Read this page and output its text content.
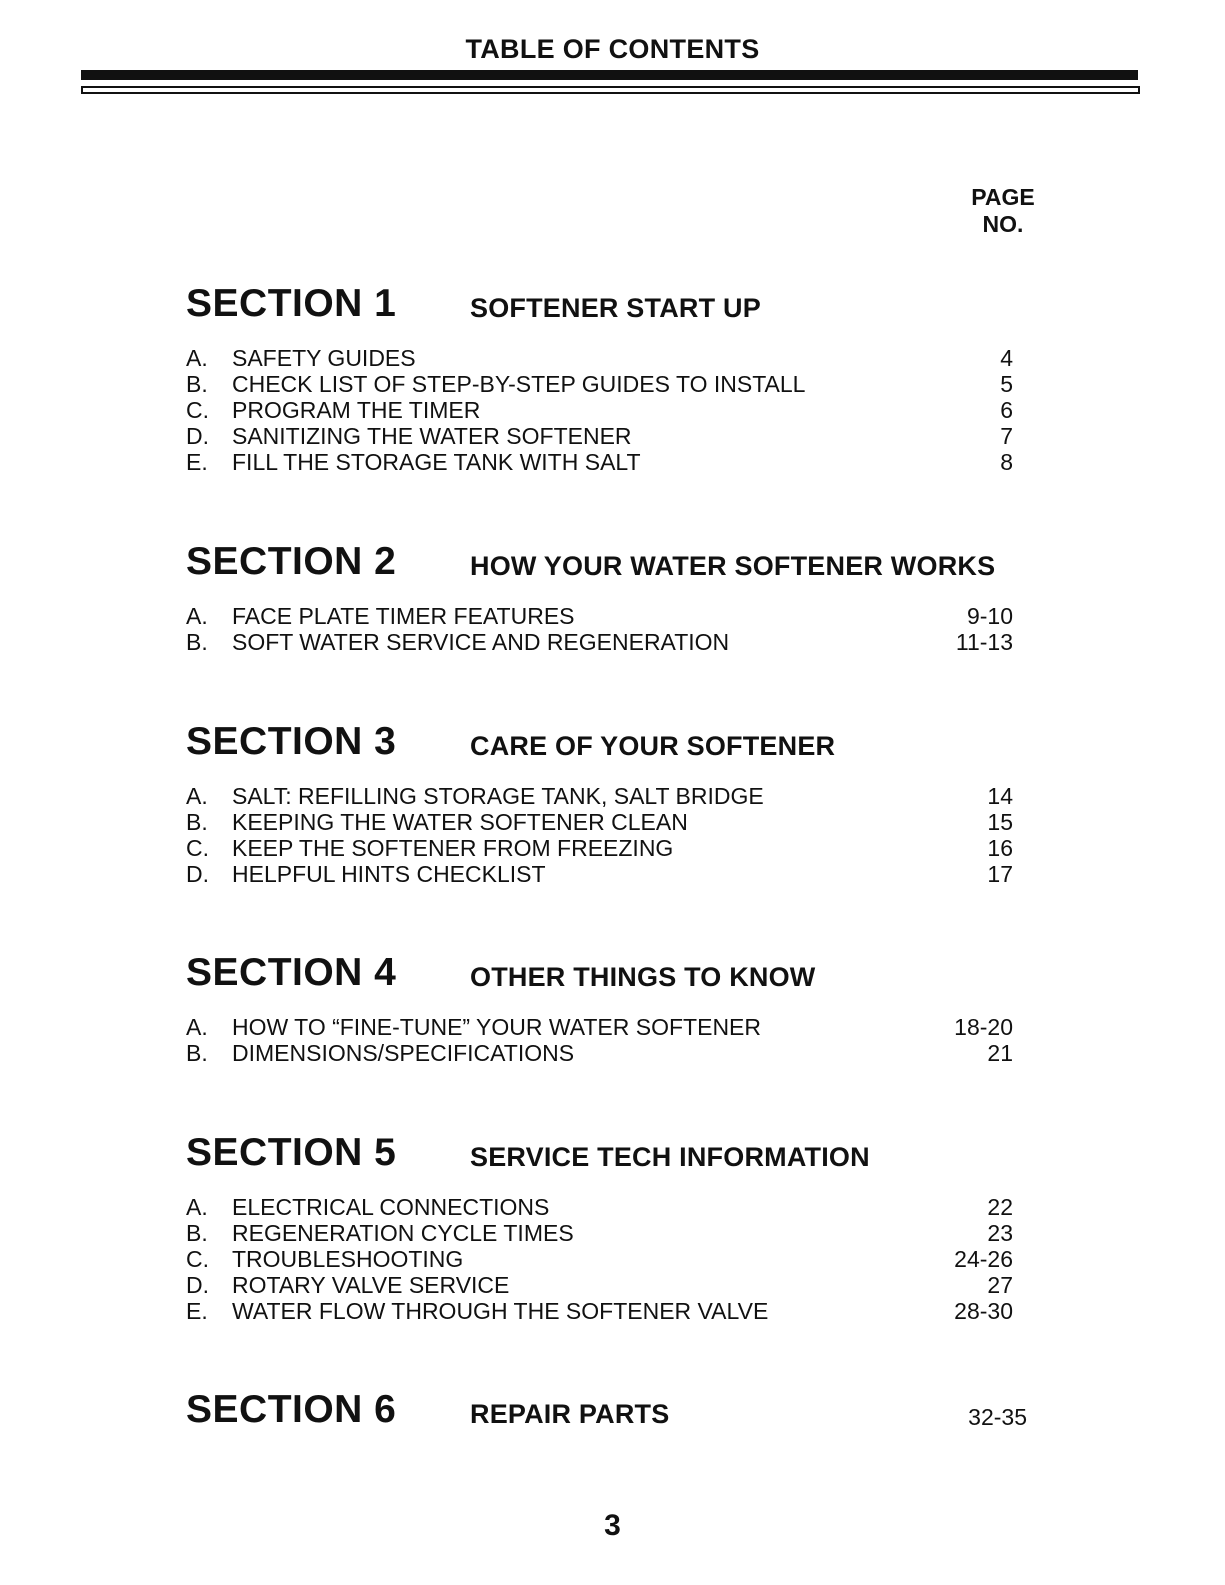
TABLE OF CONTENTS
PAGE
NO.
SECTION 1	SOFTENER START UP
A. SAFETY GUIDES	4
B. CHECK LIST OF STEP-BY-STEP GUIDES TO INSTALL	5
C. PROGRAM THE TIMER	6
D. SANITIZING THE WATER SOFTENER	7
E. FILL THE STORAGE TANK WITH SALT	8
SECTION 2	HOW YOUR WATER SOFTENER WORKS
A. FACE PLATE TIMER FEATURES	9-10
B. SOFT WATER SERVICE AND REGENERATION	11-13
SECTION 3	CARE OF YOUR SOFTENER
A. SALT: REFILLING STORAGE TANK, SALT BRIDGE	14
B. KEEPING THE WATER SOFTENER CLEAN	15
C. KEEP THE SOFTENER FROM FREEZING	16
D. HELPFUL HINTS CHECKLIST	17
SECTION 4	OTHER THINGS TO KNOW
A. HOW TO “FINE-TUNE” YOUR WATER SOFTENER	18-20
B. DIMENSIONS/SPECIFICATIONS	21
SECTION 5	SERVICE TECH INFORMATION
A. ELECTRICAL CONNECTIONS	22
B. REGENERATION CYCLE TIMES	23
C. TROUBLESHOOTING	24-26
D. ROTARY VALVE SERVICE	27
E. WATER FLOW THROUGH THE SOFTENER VALVE	28-30
SECTION 6	REPAIR PARTS	32-35
3
